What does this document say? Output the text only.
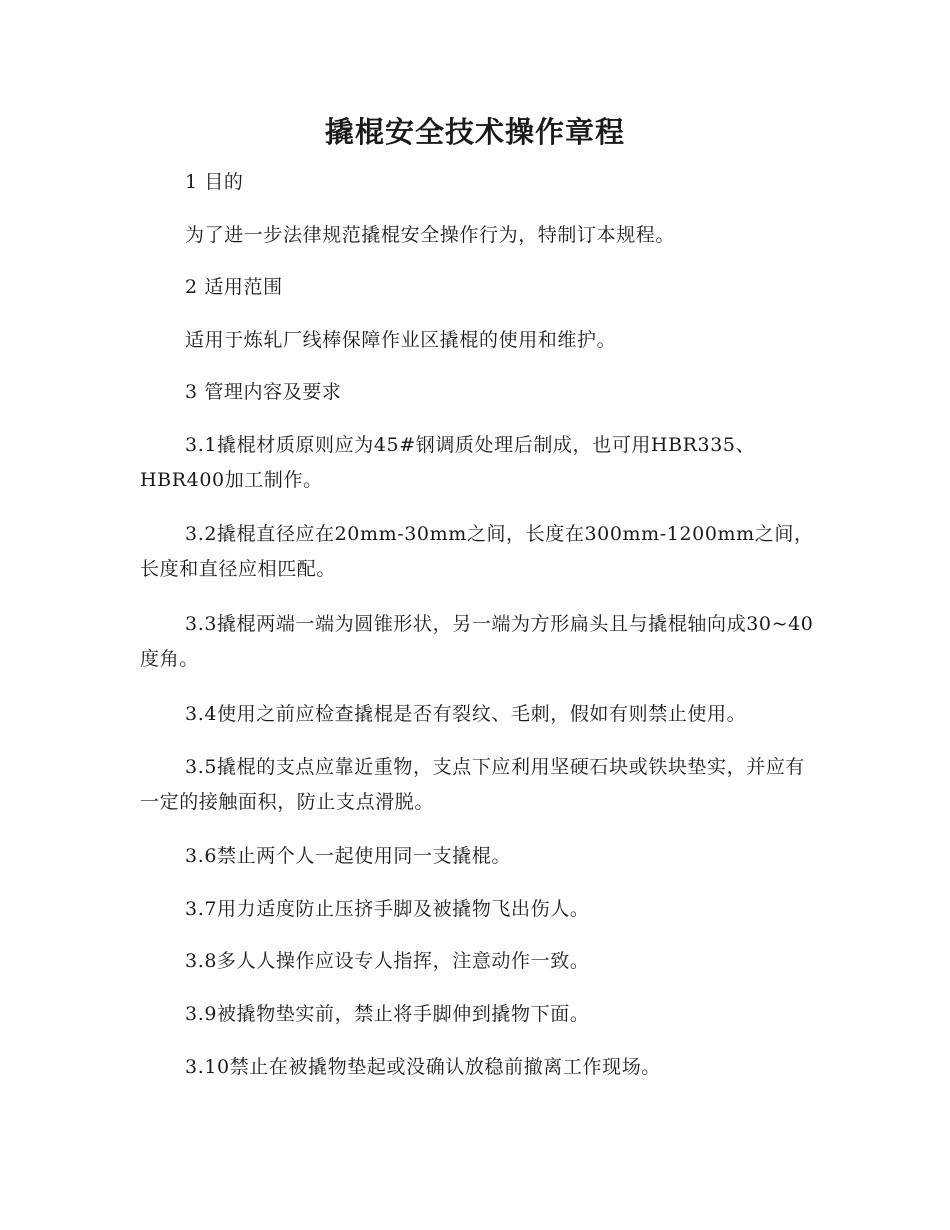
撬棍安全技术操作章程

1 目的

为了进一步法律规范撬棍安全操作行为，特制订本规程。

2 适用范围

适用于炼轧厂线棒保障作业区撬棍的使用和维护。

3 管理内容及要求

3.1撬棍材质原则应为45#钢调质处理后制成，也可用HBR335、HBR400加工制作。

3.2撬棍直径应在20mm-30mm之间，长度在300mm-1200mm之间，长度和直径应相匹配。

3.3撬棍两端一端为圆锥形状，另一端为方形扁头且与撬棍轴向成30~40度角。

3.4使用之前应检查撬棍是否有裂纹、毛刺，假如有则禁止使用。

3.5撬棍的支点应靠近重物，支点下应利用坚硬石块或铁块垫实，并应有一定的接触面积，防止支点滑脱。

3.6禁止两个人一起使用同一支撬棍。

3.7用力适度防止压挤手脚及被撬物飞出伤人。

3.8多人人操作应设专人指挥，注意动作一致。

3.9被撬物垫实前，禁止将手脚伸到撬物下面。

3.10禁止在被撬物垫起或没确认放稳前撤离工作现场。
